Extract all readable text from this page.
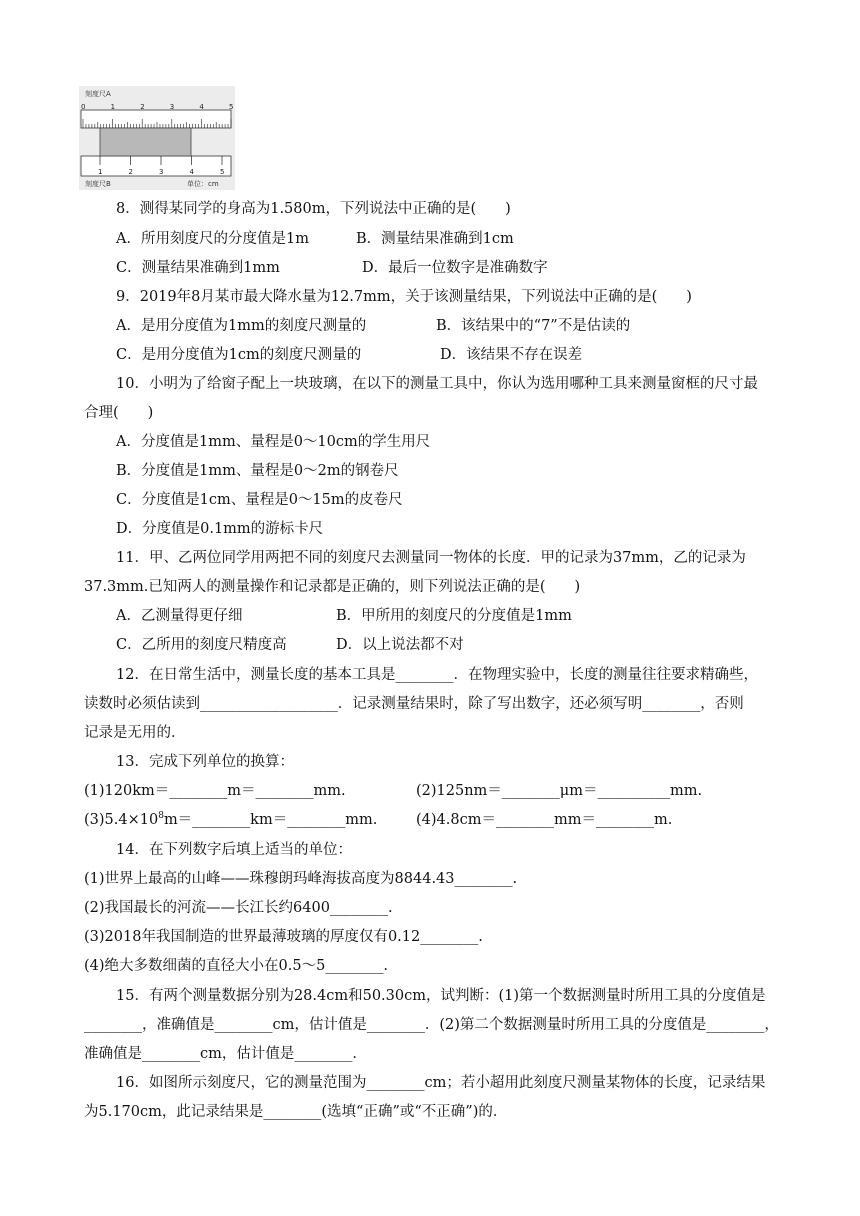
刻度尺A
0	1	2	3	4	5
1	2	3	4	5
刻度尺B	单位：cm
8．测得某同学的身高为1.580m，下列说法中正确的是(　　)
A．所用刻度尺的分度值是1m	B．测量结果准确到1cm
C．测量结果准确到1mm	D．最后一位数字是准确数字
9．2019年8月某市最大降水量为12.7mm，关于该测量结果，下列说法中正确的是(　　)
A．是用分度值为1mm的刻度尺测量的	B．该结果中的“7”不是估读的
C．是用分度值为1cm的刻度尺测量的	D．该结果不存在误差
10．小明为了给窗子配上一块玻璃，在以下的测量工具中，你认为选用哪种工具来测量窗框的尺寸最
合理(　　)
A．分度值是1mm、量程是0～10cm的学生用尺
B．分度值是1mm、量程是0～2m的钢卷尺
C．分度值是1cm、量程是0～15m的皮卷尺
D．分度值是0.1mm的游标卡尺
11．甲、乙两位同学用两把不同的刻度尺去测量同一物体的长度．甲的记录为37mm，乙的记录为
37.3mm.已知两人的测量操作和记录都是正确的，则下列说法正确的是(　　)
A．乙测量得更仔细	B．甲所用的刻度尺的分度值是1mm
C．乙所用的刻度尺精度高	D．以上说法都不对
12．在日常生活中，测量长度的基本工具是________．在物理实验中，长度的测量往往要求精确些，
读数时必须估读到___________________．记录测量结果时，除了写出数字，还必须写明________，否则
记录是无用的．
13．完成下列单位的换算：
(1)120km＝________m＝________mm.	(2)125nm＝________μm＝__________mm.
$(3)5.4\times 10^8m=\_\_\_\_\_\_\_\_km=\_\_\_\_\_\_\_\_mm$.	(4)4.8cm＝________mm＝________m.
14．在下列数字后填上适当的单位：
(1)世界上最高的山峰——珠穆朗玛峰海拔高度为8844.43________.
(2)我国最长的河流——长江长约6400________.
(3)2018年我国制造的世界最薄玻璃的厚度仅有0.12________.
(4)绝大多数细菌的直径大小在0.5～5________.
15．有两个测量数据分别为28.4cm和50.30cm，试判断：(1)第一个数据测量时所用工具的分度值是
________，准确值是________cm，估计值是________．(2)第二个数据测量时所用工具的分度值是________，
准确值是________cm，估计值是________．
16．如图所示刻度尺，它的测量范围为________cm；若小超用此刻度尺测量某物体的长度，记录结果
为5.170cm，此记录结果是________(选填“正确”或“不正确”)的．
